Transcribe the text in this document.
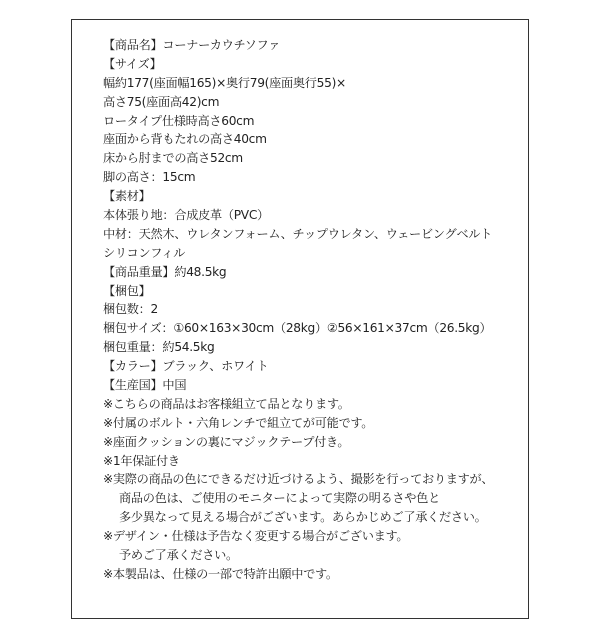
【商品名】コーナーカウチソファ
【サイズ】
幅約177(座面幅165)×奥行79(座面奥行55)×
高さ75(座面高42)cm
ロータイプ仕様時高さ60cm
座面から背もたれの高さ40cm
床から肘までの高さ52cm
脚の高さ：15cm
【素材】
本体張り地：合成皮革（PVC）
中材：天然木、ウレタンフォーム、チップウレタン、ウェービングベルト
シリコンフィル
【商品重量】約48.5kg
【梱包】
梱包数：2
梱包サイズ：①60×163×30cm（28kg）②56×161×37cm（26.5kg）
梱包重量：約54.5kg
【カラー】ブラック、ホワイト
【生産国】中国
※こちらの商品はお客様組立て品となります。
※付属のボルト・六角レンチで組立てが可能です。
※座面クッションの裏にマジックテープ付き。
※1年保証付き
※実際の商品の色にできるだけ近づけるよう、撮影を行っておりますが、
商品の色は、ご使用のモニターによって実際の明るさや色と
多少異なって見える場合がございます。あらかじめご了承ください。
※デザイン・仕様は予告なく変更する場合がございます。
予めご了承ください。
※本製品は、仕様の一部で特許出願中です。
